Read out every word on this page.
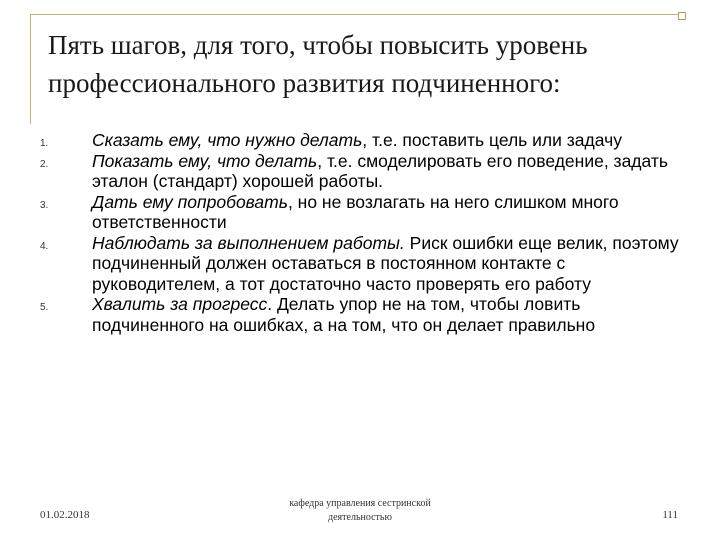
Пять шагов, для того, чтобы повысить уровень профессионального развития подчиненного:
1. Сказать ему, что нужно делать, т.е. поставить цель или задачу
2. Показать ему, что делать, т.е. смоделировать его поведение, задать эталон (стандарт) хорошей работы.
3. Дать ему попробовать, но не возлагать на него слишком много ответственности
4. Наблюдать за выполнением работы. Риск ошибки еще велик, поэтому подчиненный должен оставаться в постоянном контакте с руководителем, а тот достаточно часто проверять его работу
5. Хвалить за прогресс. Делать упор не на том, чтобы ловить подчиненного на ошибках, а на том, что он делает правильно
01.02.2018
кафедра управления сестринской деятельностью	111
